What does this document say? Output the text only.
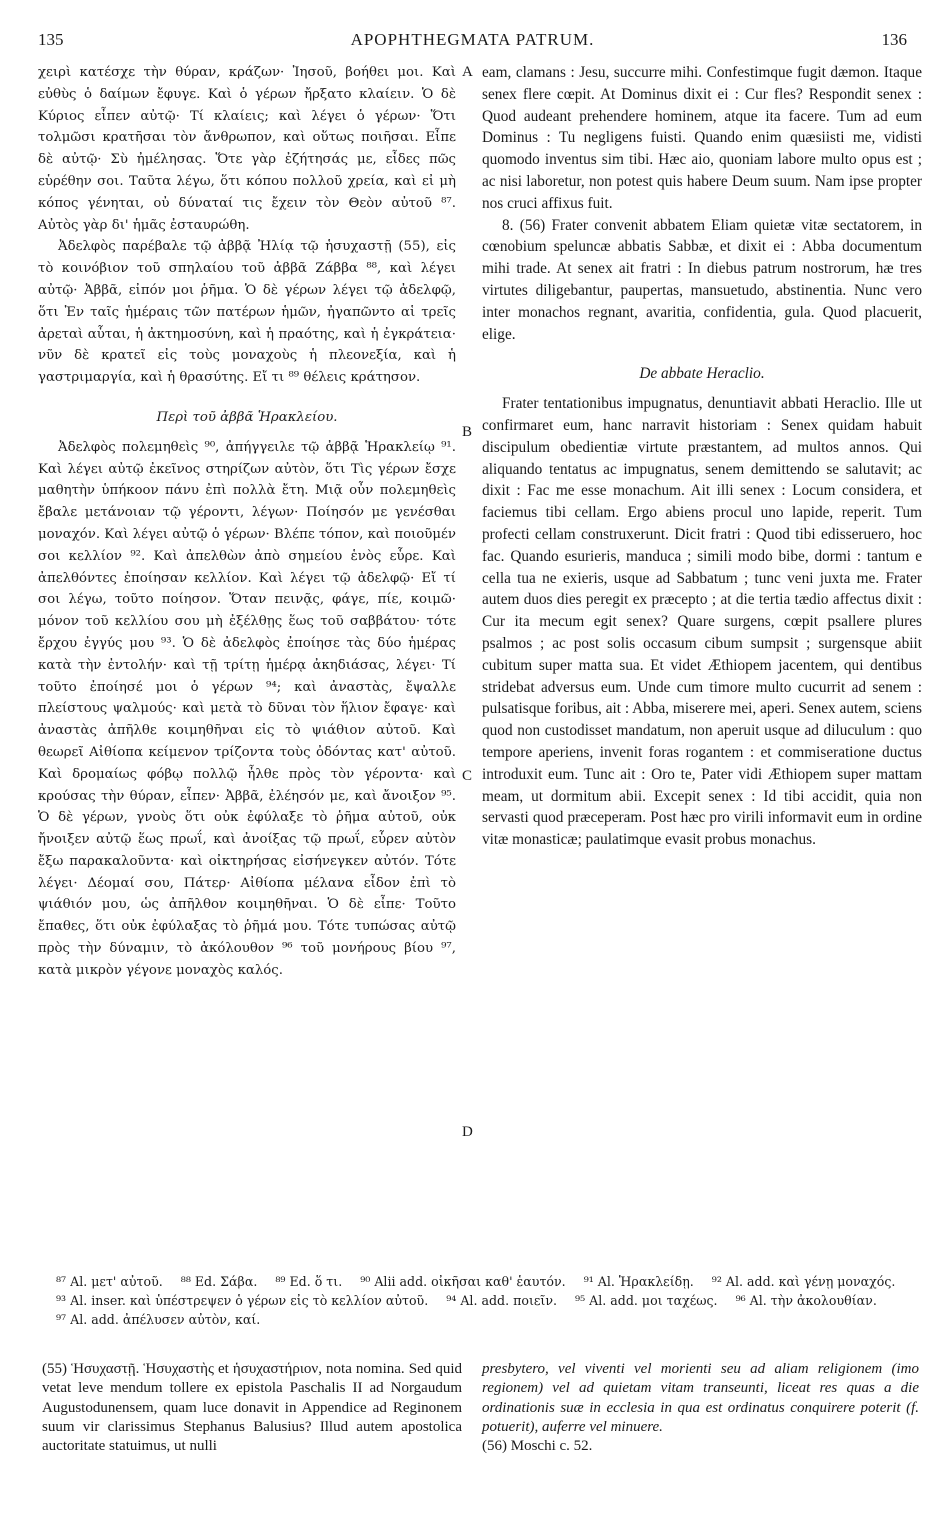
135	APOPHTHEGMATA PATRUM.	136
A
B
C
D

χειρὶ κατέσχε τὴν θύραν, κράζων· Ἰησοῦ, βοήθει μοι. Καὶ εὐθὺς ὁ δαίμων ἔφυγε. Καὶ ὁ γέρων ἤρξατο κλαίειν. Ὁ δὲ Κύριος εἶπεν αὐτῷ· Τί κλαίεις; καὶ λέγει ὁ γέρων· Ὅτι τολμῶσι κρατῆσαι τὸν ἄνθρωπον, καὶ οὕτως ποιῆσαι. Εἶπε δὲ αὐτῷ· Σὺ ἠμέλησας. Ὅτε γὰρ ἐζήτησάς με, εἶδες πῶς εὑρέθην σοι. Ταῦτα λέγω, ὅτι κόπου πολλοῦ χρεία, καὶ εἰ μὴ κόπος γένηται, οὐ δύναταί τις ἔχειν τὸν Θεὸν αὐτοῦ ⁸⁷. Αὐτὸς γὰρ δι' ἡμᾶς ἐσταυρώθη.

Ἀδελφὸς παρέβαλε τῷ ἀββᾷ Ἠλίᾳ τῷ ἡσυχαστῇ (55), εἰς τὸ κοινόβιον τοῦ σπηλαίου τοῦ ἀββᾶ Ζάββα ⁸⁸, καὶ λέγει αὐτῷ· Ἀββᾶ, εἰπόν μοι ῥῆμα. Ὁ δὲ γέρων λέγει τῷ ἀδελφῷ, ὅτι Ἐν ταῖς ἡμέραις τῶν πατέρων ἡμῶν, ἠγαπῶντο αἱ τρεῖς ἀρεταὶ αὗται, ἡ ἀκτημοσύνη, καὶ ἡ πραότης, καὶ ἡ ἐγκράτεια· νῦν δὲ κρατεῖ εἰς τοὺς μοναχοὺς ἡ πλεονεξία, καὶ ἡ γαστριμαργία, καὶ ἡ θρασύτης. Εἴ τι ⁸⁹ θέλεις κράτησον.

Περὶ τοῦ ἀββᾶ Ἡρακλείου.

Ἀδελφὸς πολεμηθεὶς ⁹⁰, ἀπήγγειλε τῷ ἀββᾷ Ἡρακλείῳ ⁹¹. Καὶ λέγει αὐτῷ ἐκεῖνος στηρίζων αὐτὸν, ὅτι Τὶς γέρων ἔσχε μαθητὴν ὑπήκοον πάνυ ἐπὶ πολλὰ ἔτη. Μιᾷ οὖν πολεμηθεὶς ἔβαλε μετάνοιαν τῷ γέροντι, λέγων· Ποίησόν με γενέσθαι μοναχόν. Καὶ λέγει αὐτῷ ὁ γέρων· Βλέπε τόπον, καὶ ποιοῦμέν σοι κελλίον ⁹². Καὶ ἀπελθὼν ἀπὸ σημείου ἑνὸς εὗρε. Καὶ ἀπελθόντες ἐποίησαν κελλίον. Καὶ λέγει τῷ ἀδελφῷ· Εἴ τί σοι λέγω, τοῦτο ποίησον. Ὅταν πεινᾷς, φάγε, πίε, κοιμῶ· μόνον τοῦ κελλίου σου μὴ ἐξέλθῃς ἕως τοῦ σαββάτου· τότε ἔρχου ἐγγύς μου ⁹³. Ὁ δὲ ἀδελφὸς ἐποίησε τὰς δύο ἡμέρας κατὰ τὴν ἐντολήν· καὶ τῇ τρίτῃ ἡμέρᾳ ἀκηδιάσας, λέγει· Τί τοῦτο ἐποίησέ μοι ὁ γέρων ⁹⁴; καὶ ἀναστὰς, ἔψαλλε πλείστους ψαλμούς· καὶ μετὰ τὸ δῦναι τὸν ἥλιον ἔφαγε· καὶ ἀναστὰς ἀπῆλθε κοιμηθῆναι εἰς τὸ ψιάθιον αὐτοῦ. Καὶ θεωρεῖ Αἰθίοπα κείμενον τρίζοντα τοὺς ὀδόντας κατ' αὐτοῦ. Καὶ δρομαίως φόβῳ πολλῷ ἦλθε πρὸς τὸν γέροντα· καὶ κρούσας τὴν θύραν, εἶπεν· Ἀββᾶ, ἐλέησόν με, καὶ ἄνοιξον ⁹⁵. Ὁ δὲ γέρων, γνοὺς ὅτι οὐκ ἐφύλαξε τὸ ῥῆμα αὐτοῦ, οὐκ ἤνοιξεν αὐτῷ ἕως πρωΐ, καὶ ἀνοίξας τῷ πρωΐ, εὗρεν αὐτὸν ἔξω παρακαλοῦντα· καὶ οἰκτηρήσας εἰσήνεγκεν αὐτόν. Τότε λέγει· Δέομαί σου, Πάτερ· Αἰθίοπα μέλανα εἶδον ἐπὶ τὸ ψιάθιόν μου, ὡς ἀπῆλθον κοιμηθῆναι. Ὁ δὲ εἶπε· Τοῦτο ἔπαθες, ὅτι οὐκ ἐφύλαξας τὸ ῥῆμά μου. Τότε τυπώσας αὐτῷ πρὸς τὴν δύναμιν, τὸ ἀκόλουθον ⁹⁶ τοῦ μονήρους βίου ⁹⁷, κατὰ μικρὸν γέγονε μοναχὸς καλός.

eam, clamans : Jesu, succurre mihi. Confestimque fugit dæmon. Itaque senex flere cœpit. At Dominus dixit ei : Cur fles? Respondit senex : Quod audeant prehendere hominem, atque ita facere. Tum ad eum Dominus : Tu negligens fuisti. Quando enim quæsiisti me, vidisti quomodo inventus sim tibi. Hæc aio, quoniam labore multo opus est ; ac nisi laboretur, non potest quis habere Deum suum. Nam ipse propter nos cruci affixus fuit.

8. (56) Frater convenit abbatem Eliam quietæ vitæ sectatorem, in cœnobium speluncæ abbatis Sabbæ, et dixit ei : Abba documentum mihi trade. At senex ait fratri : In diebus patrum nostrorum, hæ tres virtutes diligebantur, paupertas, mansuetudo, abstinentia. Nunc vero inter monachos regnant, avaritia, confidentia, gula. Quod placuerit, elige.

De abbate Heraclio.

Frater tentationibus impugnatus, denuntiavit abbati Heraclio. Ille ut confirmaret eum, hanc narravit historiam : Senex quidam habuit discipulum obedientiæ virtute præstantem, ad multos annos. Qui aliquando tentatus ac impugnatus, senem demittendo se salutavit; ac dixit : Fac me esse monachum. Ait illi senex : Locum considera, et faciemus tibi cellam. Ergo abiens procul uno lapide, reperit. Tum profecti cellam construxerunt. Dicit fratri : Quod tibi edisseruero, hoc fac. Quando esurieris, manduca ; simili modo bibe, dormi : tantum e cella tua ne exieris, usque ad Sabbatum ; tunc veni juxta me. Frater autem duos dies peregit ex præcepto ; at die tertia tædio affectus dixit : Cur ita mecum egit senex? Quare surgens, cœpit psallere plures psalmos ; ac post solis occasum cibum sumpsit ; surgensque abiit cubitum super matta sua. Et videt Æthiopem jacentem, qui dentibus stridebat adversus eum. Unde cum timore multo cucurrit ad senem : pulsatisque foribus, ait : Abba, miserere mei, aperi. Senex autem, sciens quod non custodisset mandatum, non aperuit usque ad diluculum : quo tempore aperiens, invenit foras rogantem : et commiseratione ductus introduxit eum. Tunc ait : Oro te, Pater vidi Æthiopem super mattam meam, ut dormitum abii. Excepit senex : Id tibi accidit, quia non servasti quod præceperam. Post hæc pro virili informavit eum in ordine vitæ monasticæ; paulatimque evasit probus monachus.

⁸⁷ Al. μετ' αὐτοῦ. ⁸⁸ Ed. Σάβα. ⁸⁹ Ed. ὅ τι. ⁹⁰ Alii add. οἰκῆσαι καθ' ἑαυτόν. ⁹¹ Al. Ἡρακλείδῃ. ⁹² Al. add. καὶ γένῃ μοναχός. ⁹³ Al. inser. καὶ ὑπέστρεψεν ὁ γέρων εἰς τὸ κελλίον αὐτοῦ. ⁹⁴ Al. add. ποιεῖν. ⁹⁵ Al. add. μοι ταχέως. ⁹⁶ Al. τὴν ἀκολουθίαν. ⁹⁷ Al. add. ἀπέλυσεν αὐτὸν, καί.
(55) Ἡσυχαστῇ. Ἡσυχαστὴς et ἡσυχαστήριον, nota nomina. Sed quid vetat leve mendum tollere ex epistola Paschalis II ad Norgaudum Augustodunensem, quam luce donavit in Appendice ad Reginonem suum vir clarissimus Stephanus Balusius? Illud autem apostolica auctoritate statuimus, ut nulli
presbytero, vel viventi vel morienti seu ad aliam religionem (imo regionem) vel ad quietam vitam transeunti, liceat res quas a die ordinationis suæ in ecclesia in qua est ordinatus conquirere poterit (f. potuerit), auferre vel minuere.
(56) Moschi c. 52.
